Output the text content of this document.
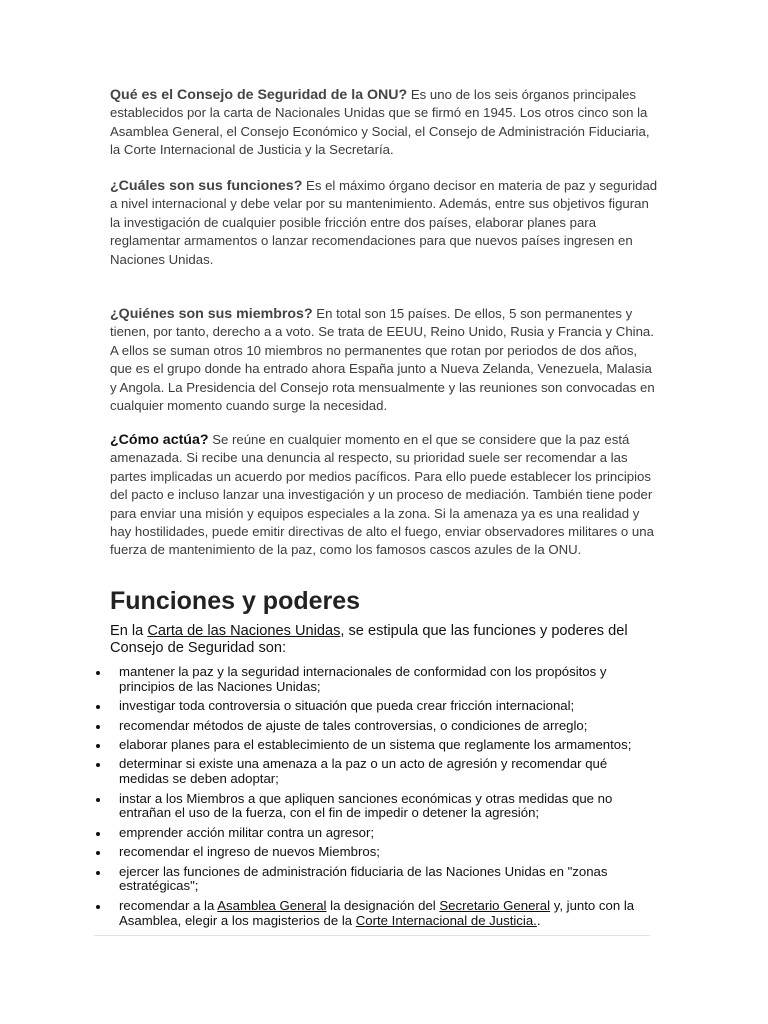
Qué es el Consejo de Seguridad de la ONU? Es uno de los seis órganos principales establecidos por la carta de Nacionales Unidas que se firmó en 1945. Los otros cinco son la Asamblea General, el Consejo Económico y Social, el Consejo de Administración Fiduciaria, la Corte Internacional de Justicia y la Secretaría.
¿Cuáles son sus funciones? Es el máximo órgano decisor en materia de paz y seguridad a nivel internacional y debe velar por su mantenimiento. Además, entre sus objetivos figuran la investigación de cualquier posible fricción entre dos países, elaborar planes para reglamentar armamentos o lanzar recomendaciones para que nuevos países ingresen en Naciones Unidas.
¿Quiénes son sus miembros? En total son 15 países. De ellos, 5 son permanentes y tienen, por tanto, derecho a a voto. Se trata de EEUU, Reino Unido, Rusia y Francia y China. A ellos se suman otros 10 miembros no permanentes que rotan por periodos de dos años, que es el grupo donde ha entrado ahora España junto a Nueva Zelanda, Venezuela, Malasia y Angola. La Presidencia del Consejo rota mensualmente y las reuniones son convocadas en cualquier momento cuando surge la necesidad.
¿Cómo actúa? Se reúne en cualquier momento en el que se considere que la paz está amenazada. Si recibe una denuncia al respecto, su prioridad suele ser recomendar a las partes implicadas un acuerdo por medios pacíficos. Para ello puede establecer los principios del pacto e incluso lanzar una investigación y un proceso de mediación. También tiene poder para enviar una misión y equipos especiales a la zona. Si la amenaza ya es una realidad y hay hostilidades, puede emitir directivas de alto el fuego, enviar observadores militares o una fuerza de mantenimiento de la paz, como los famosos cascos azules de la ONU.
Funciones y poderes
En la Carta de las Naciones Unidas, se estipula que las funciones y poderes del Consejo de Seguridad son:
mantener la paz y la seguridad internacionales de conformidad con los propósitos y principios de las Naciones Unidas;
investigar toda controversia o situación que pueda crear fricción internacional;
recomendar métodos de ajuste de tales controversias, o condiciones de arreglo;
elaborar planes para el establecimiento de un sistema que reglamente los armamentos;
determinar si existe una amenaza a la paz o un acto de agresión y recomendar qué medidas se deben adoptar;
instar a los Miembros a que apliquen sanciones económicas y otras medidas que no entrañan el uso de la fuerza, con el fin de impedir o detener la agresión;
emprender acción militar contra un agresor;
recomendar el ingreso de nuevos Miembros;
ejercer las funciones de administración fiduciaria de las Naciones Unidas en "zonas estratégicas";
recomendar a la Asamblea General la designación del Secretario General y, junto con la Asamblea, elegir a los magisterios de la Corte Internacional de Justicia..
